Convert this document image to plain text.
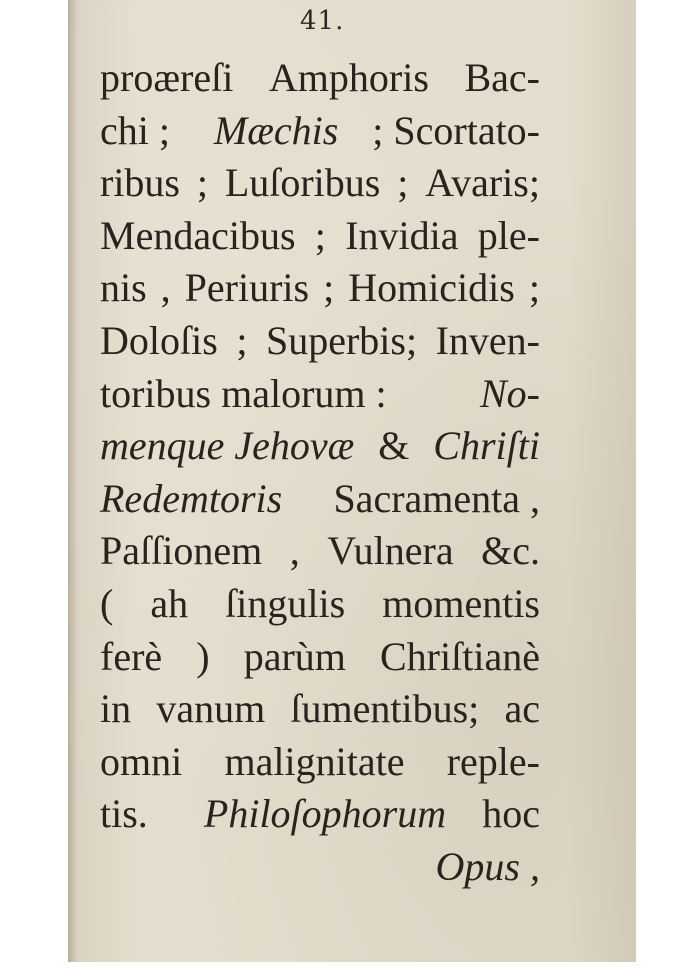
41.
proæreſi Amphoris Bac-
chi ; Mæchis ; Scortato-
ribus ; Luſoribus ; Avaris;
Mendacibus ; Invidia ple-
nis , Periuris ; Homicidis ;
Doloſis ; Superbis; Inven-
toribus malorum : No-
menque Jehovæ & Chriſti
Redemtoris Sacramenta ,
Paſſionem , Vulnera &c.
( ah ſingulis momentis
ferè ) parùm Chriſtianè
in vanum ſumentibus; ac
omni malignitate reple-
tis. Philoſophorum hoc
Opus ,
